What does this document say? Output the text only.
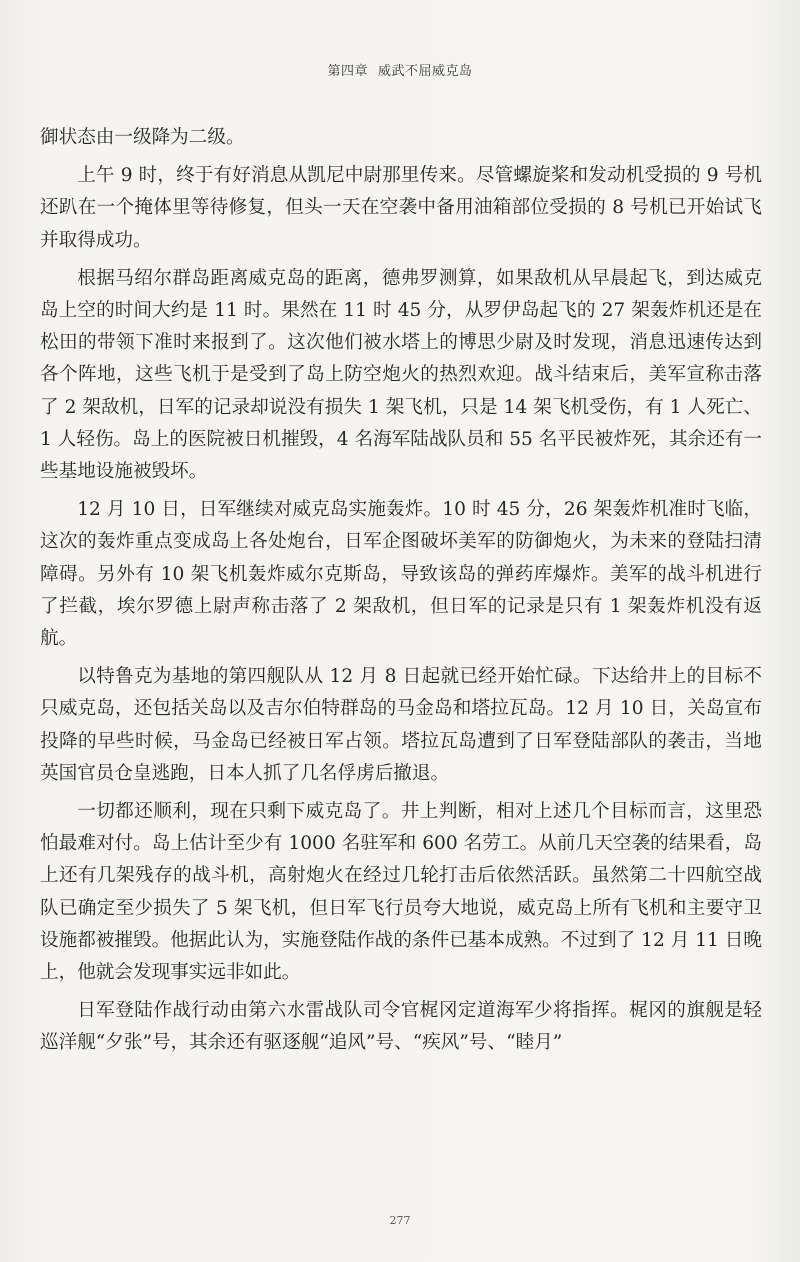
第四章 威武不屈威克岛

御状态由一级降为二级。

上午 9 时，终于有好消息从凯尼中尉那里传来。尽管螺旋桨和发动机受损的 9 号机还趴在一个掩体里等待修复，但头一天在空袭中备用油箱部位受损的 8 号机已开始试飞并取得成功。

根据马绍尔群岛距离威克岛的距离，德弗罗测算，如果敌机从早晨起飞，到达威克岛上空的时间大约是 11 时。果然在 11 时 45 分，从罗伊岛起飞的 27 架轰炸机还是在松田的带领下准时来报到了。这次他们被水塔上的博思少尉及时发现，消息迅速传达到各个阵地，这些飞机于是受到了岛上防空炮火的热烈欢迎。战斗结束后，美军宣称击落了 2 架敌机，日军的记录却说没有损失 1 架飞机，只是 14 架飞机受伤，有 1 人死亡、1 人轻伤。岛上的医院被日机摧毁，4 名海军陆战队员和 55 名平民被炸死，其余还有一些基地设施被毁坏。

12 月 10 日，日军继续对威克岛实施轰炸。10 时 45 分，26 架轰炸机准时飞临，这次的轰炸重点变成岛上各处炮台，日军企图破坏美军的防御炮火，为未来的登陆扫清障碍。另外有 10 架飞机轰炸威尔克斯岛，导致该岛的弹药库爆炸。美军的战斗机进行了拦截，埃尔罗德上尉声称击落了 2 架敌机，但日军的记录是只有 1 架轰炸机没有返航。

以特鲁克为基地的第四舰队从 12 月 8 日起就已经开始忙碌。下达给井上的目标不只威克岛，还包括关岛以及吉尔伯特群岛的马金岛和塔拉瓦岛。12 月 10 日，关岛宣布投降的早些时候，马金岛已经被日军占领。塔拉瓦岛遭到了日军登陆部队的袭击，当地英国官员仓皇逃跑，日本人抓了几名俘虏后撤退。

一切都还顺利，现在只剩下威克岛了。井上判断，相对上述几个目标而言，这里恐怕最难对付。岛上估计至少有 1000 名驻军和 600 名劳工。从前几天空袭的结果看，岛上还有几架残存的战斗机，高射炮火在经过几轮打击后依然活跃。虽然第二十四航空战队已确定至少损失了 5 架飞机，但日军飞行员夸大地说，威克岛上所有飞机和主要守卫设施都被摧毁。他据此认为，实施登陆作战的条件已基本成熟。不过到了 12 月 11 日晚上，他就会发现事实远非如此。

日军登陆作战行动由第六水雷战队司令官梶冈定道海军少将指挥。梶冈的旗舰是轻巡洋舰“夕张”号，其余还有驱逐舰“追风”号、“疾风”号、“睦月”

277
